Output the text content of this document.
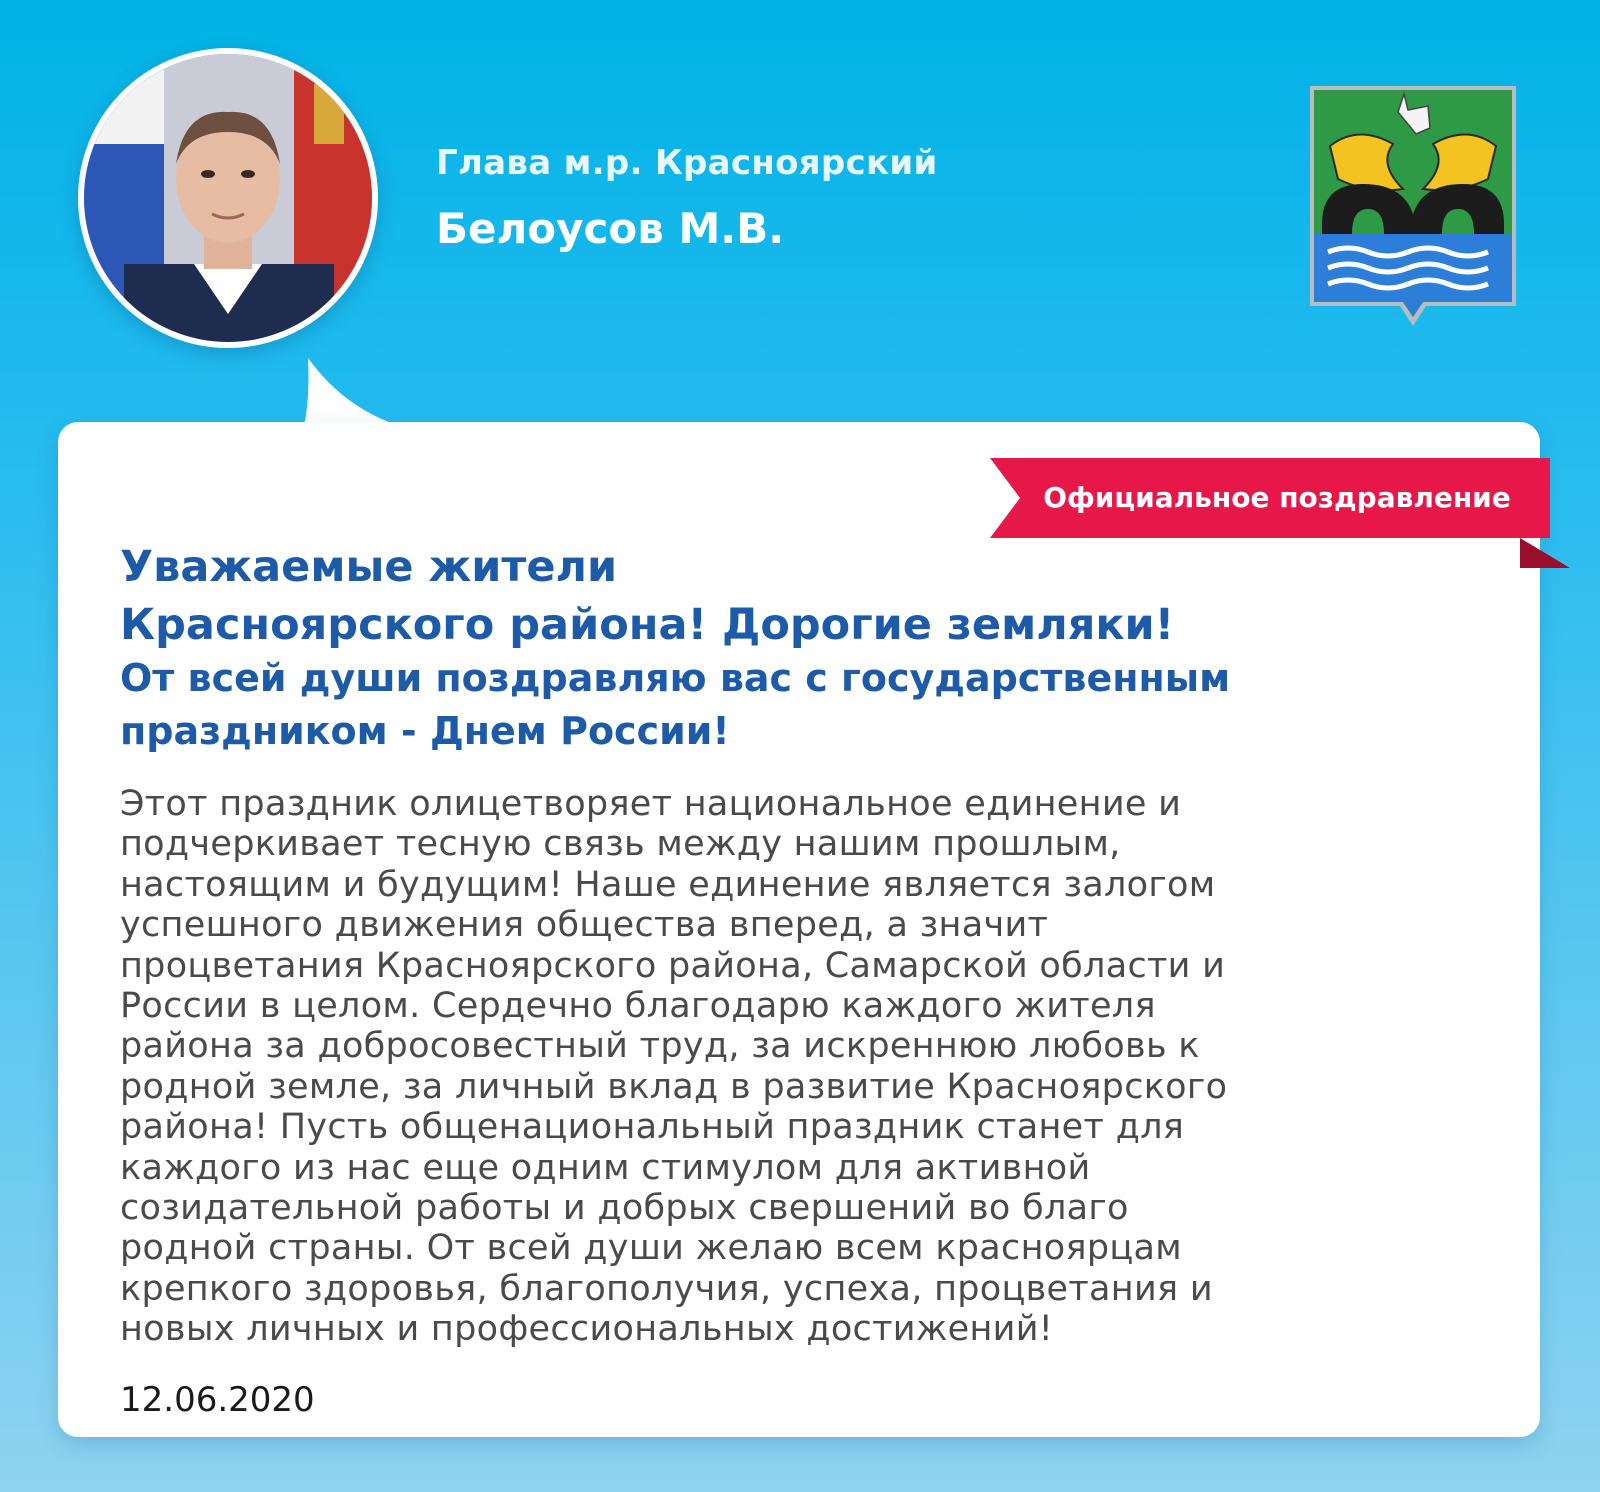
Глава м.р. Красноярский
Белоусов М.В.
Официальное поздравление
Уважаемые жители
Красноярского района! Дорогие земляки!
От всей души поздравляю вас с государственным
праздником - Днем России!
Этот праздник олицетворяет национальное единение и
подчеркивает тесную связь между нашим прошлым,
настоящим и будущим! Наше единение является залогом
успешного движения общества вперед, а значит
процветания Красноярского района, Самарской области и
России в целом. Сердечно благодарю каждого жителя
района за добросовестный труд, за искреннюю любовь к
родной земле, за личный вклад в развитие Красноярского
района! Пусть общенациональный праздник станет для
каждого из нас еще одним стимулом для активной
созидательной работы и добрых свершений во благо
родной страны. От всей души желаю всем красноярцам
крепкого здоровья, благополучия, успеха, процветания и
новых личных и профессиональных достижений!
12.06.2020
